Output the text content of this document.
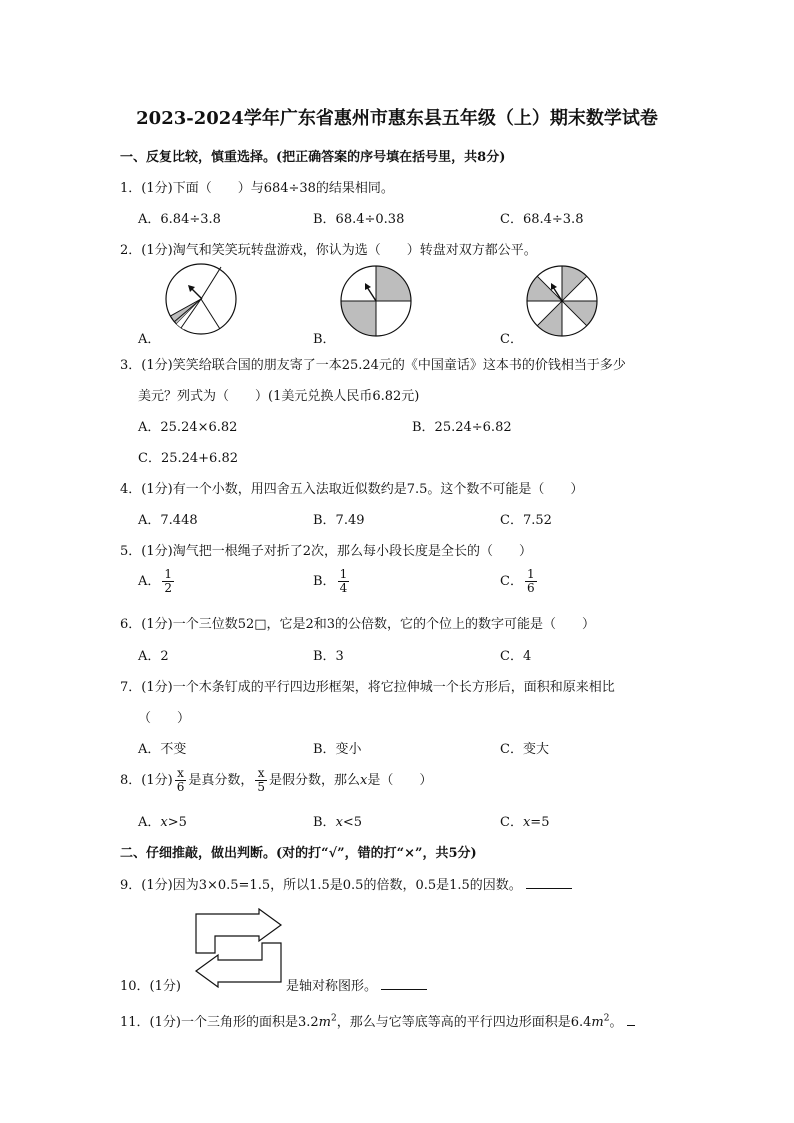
2023-2024学年广东省惠州市惠东县五年级（上）期末数学试卷
一、反复比较，慎重选择。(把正确答案的序号填在括号里，共8分)
1．(1分)下面（　　）与684÷38的结果相同。
A．6.84÷3.8	B．68.4÷0.38	C．68.4÷3.8
2．(1分)淘气和笑笑玩转盘游戏，你认为选（　　）转盘对双方都公平。
A．	B．	C．
3．(1分)笑笑给联合国的朋友寄了一本25.24元的《中国童话》这本书的价钱相当于多少
美元？列式为（　　）(1美元兑换人民币6.82元)
A．25.24×6.82	B．25.24÷6.82
C．25.24+6.82
4．(1分)有一个小数，用四舍五入法取近似数约是7.5。这个数不可能是（　　）
A．7.448	B．7.49	C．7.52
5．(1分)淘气把一根绳子对折了2次，那么每小段长度是全长的（　　）
A． $\frac{1}{2}$	B． $\frac{1}{4}$	C． $\frac{1}{6}$
6．(1分)一个三位数52□，它是2和3的公倍数，它的个位上的数字可能是（　　）
A．2	B．3	C．4
7．(1分)一个木条钉成的平行四边形框架，将它拉伸城一个长方形后，面积和原来相比
（　　）
A．不变	B．变小	C．变大
8．(1分) $\frac{x}{6}$ 是真分数， $\frac{x}{5}$ 是假分数，那么x是（　　）
A．x>5	B．x<5	C．x=5
二、仔细推敲，做出判断。(对的打“√”，错的打“×”，共5分)
9．(1分)因为3×0.5=1.5，所以1.5是0.5的倍数，0.5是1.5的因数。
10．(1分)	是轴对称图形。
11．(1分)一个三角形的面积是$3.2m^2$，那么与它等底等高的平行四边形面积是$6.4m^2$。
